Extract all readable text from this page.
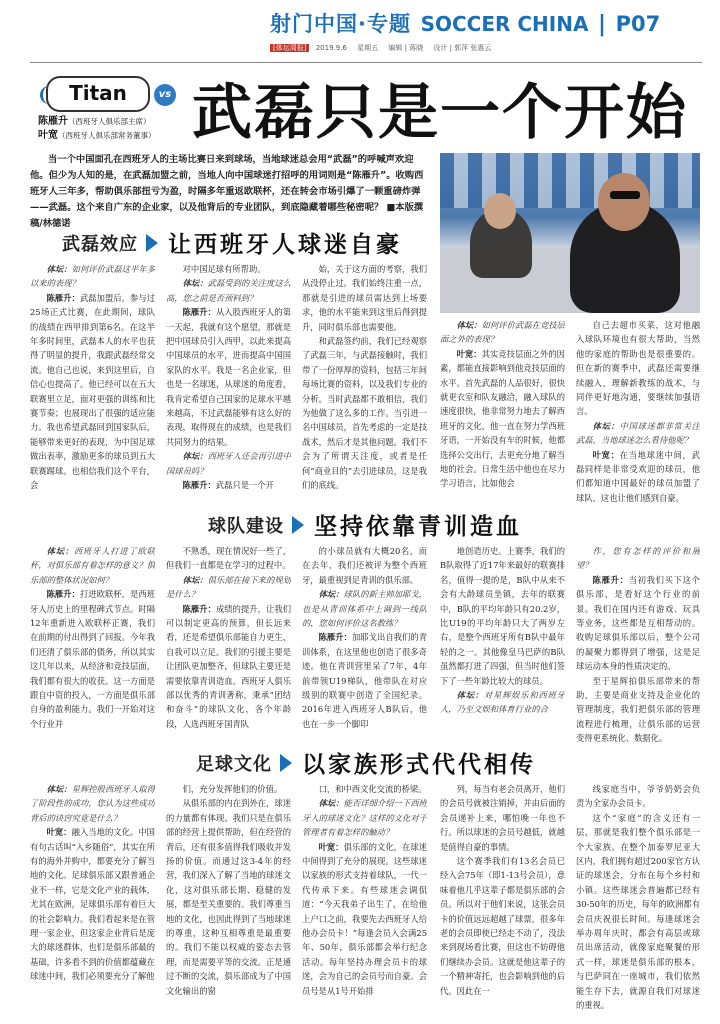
射门中国·专题 SOCCER CHINA | P07
[体坛周报] 2019.9.6 星期五 编辑 | 蒋晓 设计 | 郭萍 张惠云
Titan	vs
陈雁升（西班牙人俱乐部主席）
叶宽（西班牙人俱乐部常务董事） 武磊只是一个开始
当一个中国面孔在西班牙人的主场比赛日来到球场，当地球迷总会用“武磊”的呼喊声欢迎他。但少为人知的是，在武磊加盟之前，当地人向中国球迷打招呼的用词则是“陈雁升”。收购西班牙人三年多，帮助俱乐部扭亏为盈，时隔多年重返欧联杯，还在转会市场引爆了一颗重磅炸弹——武磊。这个来自广东的企业家，以及他背后的专业团队，到底隐藏着哪些秘密呢？ ■本版撰稿/林德诺
武磊效应 让西班牙人球迷自豪

体坛：如何评价武磊这半年多以来的表现？

陈雁升：武磊加盟后，参与过25场正式比赛，在此期间，球队的战绩在西甲排到第6名。在这半年多时间里，武磊本人的水平也获得了明显的提升，我跟武磊经常交流。他自己也说，来到这里后，自信心也提高了。他已经可以在五大联赛里立足，面对更强的训练和比赛节奏；也展现出了很强的适应能力。我也希望武磊回到国家队后，能够带来更好的表现，为中国足球做出表率，激励更多的球员到五大联赛踢球。也相信我们这个平台，会

对中国足球有所帮助。

体坛：武磊受到的关注度这么高，您之前是否预料到？

陈雁升：从入股西班牙人的第一天起，我就有这个愿望，那就是把中国球员引入西甲，以此来提高中国球员的水平，进而提高中国国家队的水平。我是一名企业家，但也是一名球迷，从球迷的角度看，我肯定希望自己国家的足球水平越来越高，不过武磊能够有这么好的表现，取得现在的成绩，也是我们共同努力的结果。

体坛：西班牙人还会再引进中国球员吗？

陈雁升：武磊只是一个开

始，关于这方面的考察，我们从没停止过。我们始终注重一点，那就是引进的球员需达到上场要求，他的水平能来到这里后得到提升，同时俱乐部也需要他。

和武磊签约前，我们已经观察了武磊三年，与武磊接触时，我们带了一份厚厚的资料，包括三年间每场比赛的资料，以及我们专业的分析。当时武磊都不敢相信，我们为他做了这么多的工作。当引进一名中国球员，首先考虑的一定是技战术，然后才是其他问题。我们不会为了所谓天注度，或者是任何“商业目的”去引进球员，这是我们的底线。

体坛：如何评价武磊在竞技层面之外的表现？

叶宽：其实竞技层面之外的因素，都能直接影响到他竞技层面的水平。首先武磊的人品很好，很快就更衣室和队友融洽，融入球队的速度很快，他非常努力地去了解西班牙的文化，他一直在努力学西班牙语，一开始没有车的时候，他都选择公交出行，去更充分地了解当地的社会。日常生活中他也在尽力学习语言，比如他会

自己去超市买菜，这对他融入球队环境也有很大帮助，当然他的家庭的帮助也是很重要的。但在新的赛季中，武磊还需要继续融入，理解新教练的战术，与同伴更好地沟通，要继续加强语言。

体坛：中国球迷都非常关注武磊，当地球迷怎么看待他呢？

叶宽：在当地球迷中间，武磊同样是非常受欢迎的球员，他们都知道中国最好的球员加盟了球队，这也让他们感到自豪。

球队建设 坚持依靠青训造血

体坛：西班牙人打进了欧联杯，对俱乐部有着怎样的意义？俱乐部的整体状况如何？

陈雁升：打进欧联杯，是西班牙人历史上的里程碑式节点。时隔12年重新进入欧联杯正赛，我们在前期的付出得到了回报。今年我们还清了俱乐部的债务，所以其实这几年以来，从经济和竞技层面，我们都有很大的收获。这一方面是跟自中资的投入，一方面是俱乐部自身的盈利能力。我们一开始对这个行业并

不熟悉，现在情况好一些了，但我们一直都是在学习的过程中。

体坛：俱乐部在接下来的规划是什么？

陈雁升：成绩的提升，让我们可以制定更高的预算，但长远来看，还是希望俱乐部能自力更生，自我可以立足。我们的引援主要是让团队更加整齐，但球队主要还是需要依靠青训造血。西班牙人俱乐部以优秀的青训著称，秉承“团结和奋斗”的球队文化，各个年龄段，人选西班牙国青队

的小球员就有大概20名，而在去年，我们还被评为整个西班牙，最重视到足青训的俱乐部。

体坛：球队的新主帅加耶戈，也是从青训体系中上调到一线队的，您如何评价这名教练？

陈雁升：加耶戈出自我们的青训体系，在这里他也创造了很多奇迹。他在青训营里呆了7年，4年前带领U19梯队，他带队在对应级别的联赛中创造了全国纪录。2016年进入西班牙人B队后，他也在一步一个脚印

地创造历史。上赛季，我们的B队取得了近17年来最好的联赛排名，值得一提的是，B队中从来不会有大龄球员坐镇，去年的联赛中，B队的平均年龄只有20.2岁，比U19的平均年龄只大了两岁左右，是整个西班牙所有B队中最年轻的之一。其他像皇马巴萨的B队虽然都打进了四强，但当时他们签下了一些年龄比较大的球员。

体坛：对星辉娱乐和西班牙人，乃至文娱和体育行业的合

作，您有怎样的评价和展望？

陈雁升：当初我们买下这个俱乐部，是看好这个行业的前景。我们在国内还有游戏、玩具等业务，这些都是互相帮动的。收购足球俱乐部以后，整个公司的凝聚力都得到了增强，这是足球运动本身的性质决定的。

至于星辉拍俱乐部带来的帮助，主要是商业支持及企业化的管理制度，我们把俱乐部的管理流程进行梳理，让俱乐部的运营变得更系统化、数据化。

足球文化 以家族形式代代相传

体坛：星辉控股西班牙人取得了阶段性的成功，您认为这些成功背后的诀窍究竟是什么？

叶宽：融入当地的文化。中国有句古话叫“入乡随俗”，其实在所有的海外并购中，都要充分了解当地的文化。足球俱乐部又跟普通企业不一样，它是文化产业的载体，尤其在欧洲，足球俱乐部有着巨大的社会影响力。我们看起来是在管理一家企业，但这家企业背后是庞大的球迷群体，也们是俱乐部最的基础，许多看不到的价值都蕴藏在球迷中间，我们必须要充分了解他

们，充分发挥他们的价值。

从俱乐部的内在到外在，球迷的力量都有体现。我们只是在俱乐部的经营上提供帮助，但在经营的背后，还有很多值得我们吸收并发扬的价值。而通过这3-4年的经营，我们深入了解了当地的球迷文化，这对俱乐部长期、稳健的发展，都是至关重要的。我们尊重当地的文化，也因此得到了当地球迷的尊重，这种互相尊重是最重要的。我们不能以权威的姿态去管理，而是需要平等的交流。正是通过不断的交流，俱乐部成为了中国文化输出的窗

口，和中西文化交流的桥梁。

体坛：能否详细介绍一下西班牙人的球迷文化？这样的文化对于管理者有着怎样的触动？

叶宽：俱乐部的文化，在球迷中间得到了充分的展现。这些球迷以家族的形式支持着球队，一代一代传承下来。有些球迷会调侃道：“今天我弟子出生了，在给他上户口之前，我要先去西班牙人给他办会员卡！”每逢会员入会满25年、50年，俱乐部都会举行纪念活动。每年坚持办理会员卡的球迷，会为自己的会员号而自豪。会员号是从1号开始排

列，每当有老会员离开，他们的会员号就被注销掉，并由后面的会员递补上来，哪怕晚一年也不行。所以球迷的会员号越低，就越是值得自豪的事情。

这个赛季我们有13名会员已经入会75年（即1-13号会员），意味着他几乎这辈子都是俱乐部的会员。所以对于他们来说，这张会员卡的价值远远超越了球票，很多年老的会员即使已经走不动了，没法来到现场看比赛，但这也不妨碍他们继续办会员。这就是他这辈子的一个精神寄托，也会影响到他的后代。因此在一

线家庭当中，爷爷奶奶会负责为全家办会员卡。

这个“家庭”的含义还有一层，那就是我们整个俱乐部是一个大家族。在整个加泰罗尼亚大区内，我们拥有超过200家官方认证的球迷会，分布在每个乡村和小镇。这些球迷会普遍都已经有30-50年的历史，每年的欧洲都有会员庆祝很长时间。每逢球迷会举办周年庆时，都会有高层或球员出席活动，就像家庭聚餐的形式一样，球迷是俱乐部的根本，与巴萨同在一座城市，我们依然能生存下去，就源自我们对球迷的重视。
